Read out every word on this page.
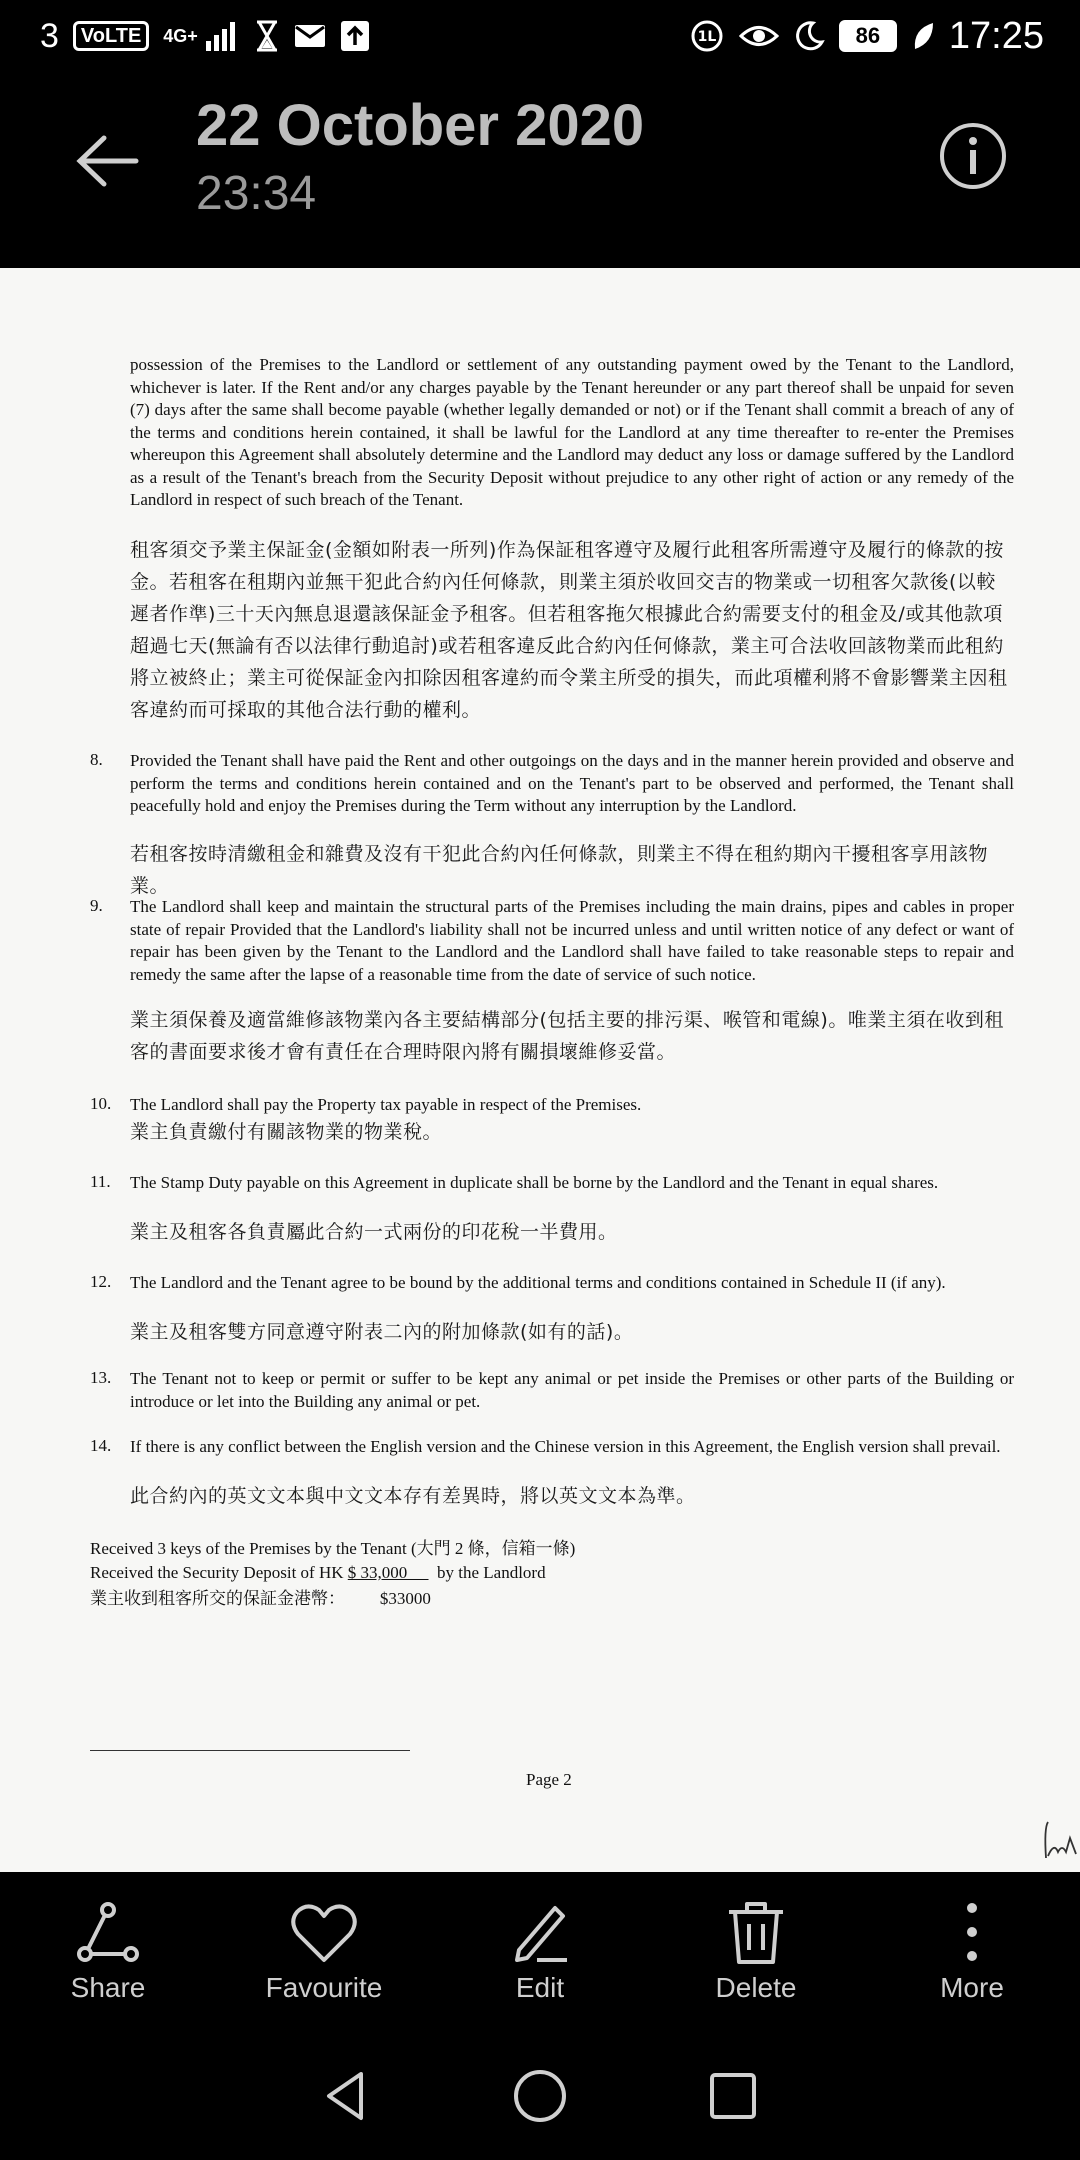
3	VoLTE	4G+	1L	86	17:25
22 October 2020
23:34
possession of the Premises to the Landlord or settlement of any outstanding payment owed by the Tenant to the Landlord, whichever is later. If the Rent and/or any charges payable by the Tenant hereunder or any part thereof shall be unpaid for seven (7) days after the same shall become payable (whether legally demanded or not) or if the Tenant shall commit a breach of any of the terms and conditions herein contained, it shall be lawful for the Landlord at any time thereafter to re-enter the Premises whereupon this Agreement shall absolutely determine and the Landlord may deduct any loss or damage suffered by the Landlord as a result of the Tenant's breach from the Security Deposit without prejudice to any other right of action or any remedy of the Landlord in respect of such breach of the Tenant.
租客須交予業主保証金(金額如附表一所列)作為保証租客遵守及履行此租客所需遵守及履行的條款的按金。若租客在租期內並無干犯此合約內任何條款，則業主須於收回交吉的物業或一切租客欠款後(以較遲者作準)三十天內無息退還該保証金予租客。但若租客拖欠根據此合約需要支付的租金及/或其他款項超過七天(無論有否以法律行動追討)或若租客違反此合約內任何條款，業主可合法收回該物業而此租約將立被終止；業主可從保証金內扣除因租客違約而令業主所受的損失，而此項權利將不會影響業主因租客違約而可採取的其他合法行動的權利。
8. Provided the Tenant shall have paid the Rent and other outgoings on the days and in the manner herein provided and observe and perform the terms and conditions herein contained and on the Tenant's part to be observed and performed, the Tenant shall peacefully hold and enjoy the Premises during the Term without any interruption by the Landlord.
若租客按時清繳租金和雜費及沒有干犯此合約內任何條款，則業主不得在租約期內干擾租客享用該物業。
9. The Landlord shall keep and maintain the structural parts of the Premises including the main drains, pipes and cables in proper state of repair Provided that the Landlord's liability shall not be incurred unless and until written notice of any defect or want of repair has been given by the Tenant to the Landlord and the Landlord shall have failed to take reasonable steps to repair and remedy the same after the lapse of a reasonable time from the date of service of such notice.
業主須保養及適當維修該物業內各主要結構部分(包括主要的排污渠、喉管和電線)。唯業主須在收到租客的書面要求後才會有責任在合理時限內將有關損壞維修妥當。
10. The Landlord shall pay the Property tax payable in respect of the Premises.
業主負責繳付有關該物業的物業稅。
11. The Stamp Duty payable on this Agreement in duplicate shall be borne by the Landlord and the Tenant in equal shares.
業主及租客各負責屬此合約一式兩份的印花稅一半費用。
12. The Landlord and the Tenant agree to be bound by the additional terms and conditions contained in Schedule II (if any).
業主及租客雙方同意遵守附表二內的附加條款(如有的話)。
13. The Tenant not to keep or permit or suffer to be kept any animal or pet inside the Premises or other parts of the Building or introduce or let into the Building any animal or pet.
14. If there is any conflict between the English version and the Chinese version in this Agreement, the English version shall prevail.
此合約內的英文文本與中文文本存有差異時，將以英文文本為準。
Received 3 keys of the Premises by the Tenant (大門 2 條，信箱一條)
Received the Security Deposit of HK $ 33,000       by the Landlord
業主收到租客所交的保証金港幣： $33000
Page 2
Share	Favourite	Edit	Delete	More
